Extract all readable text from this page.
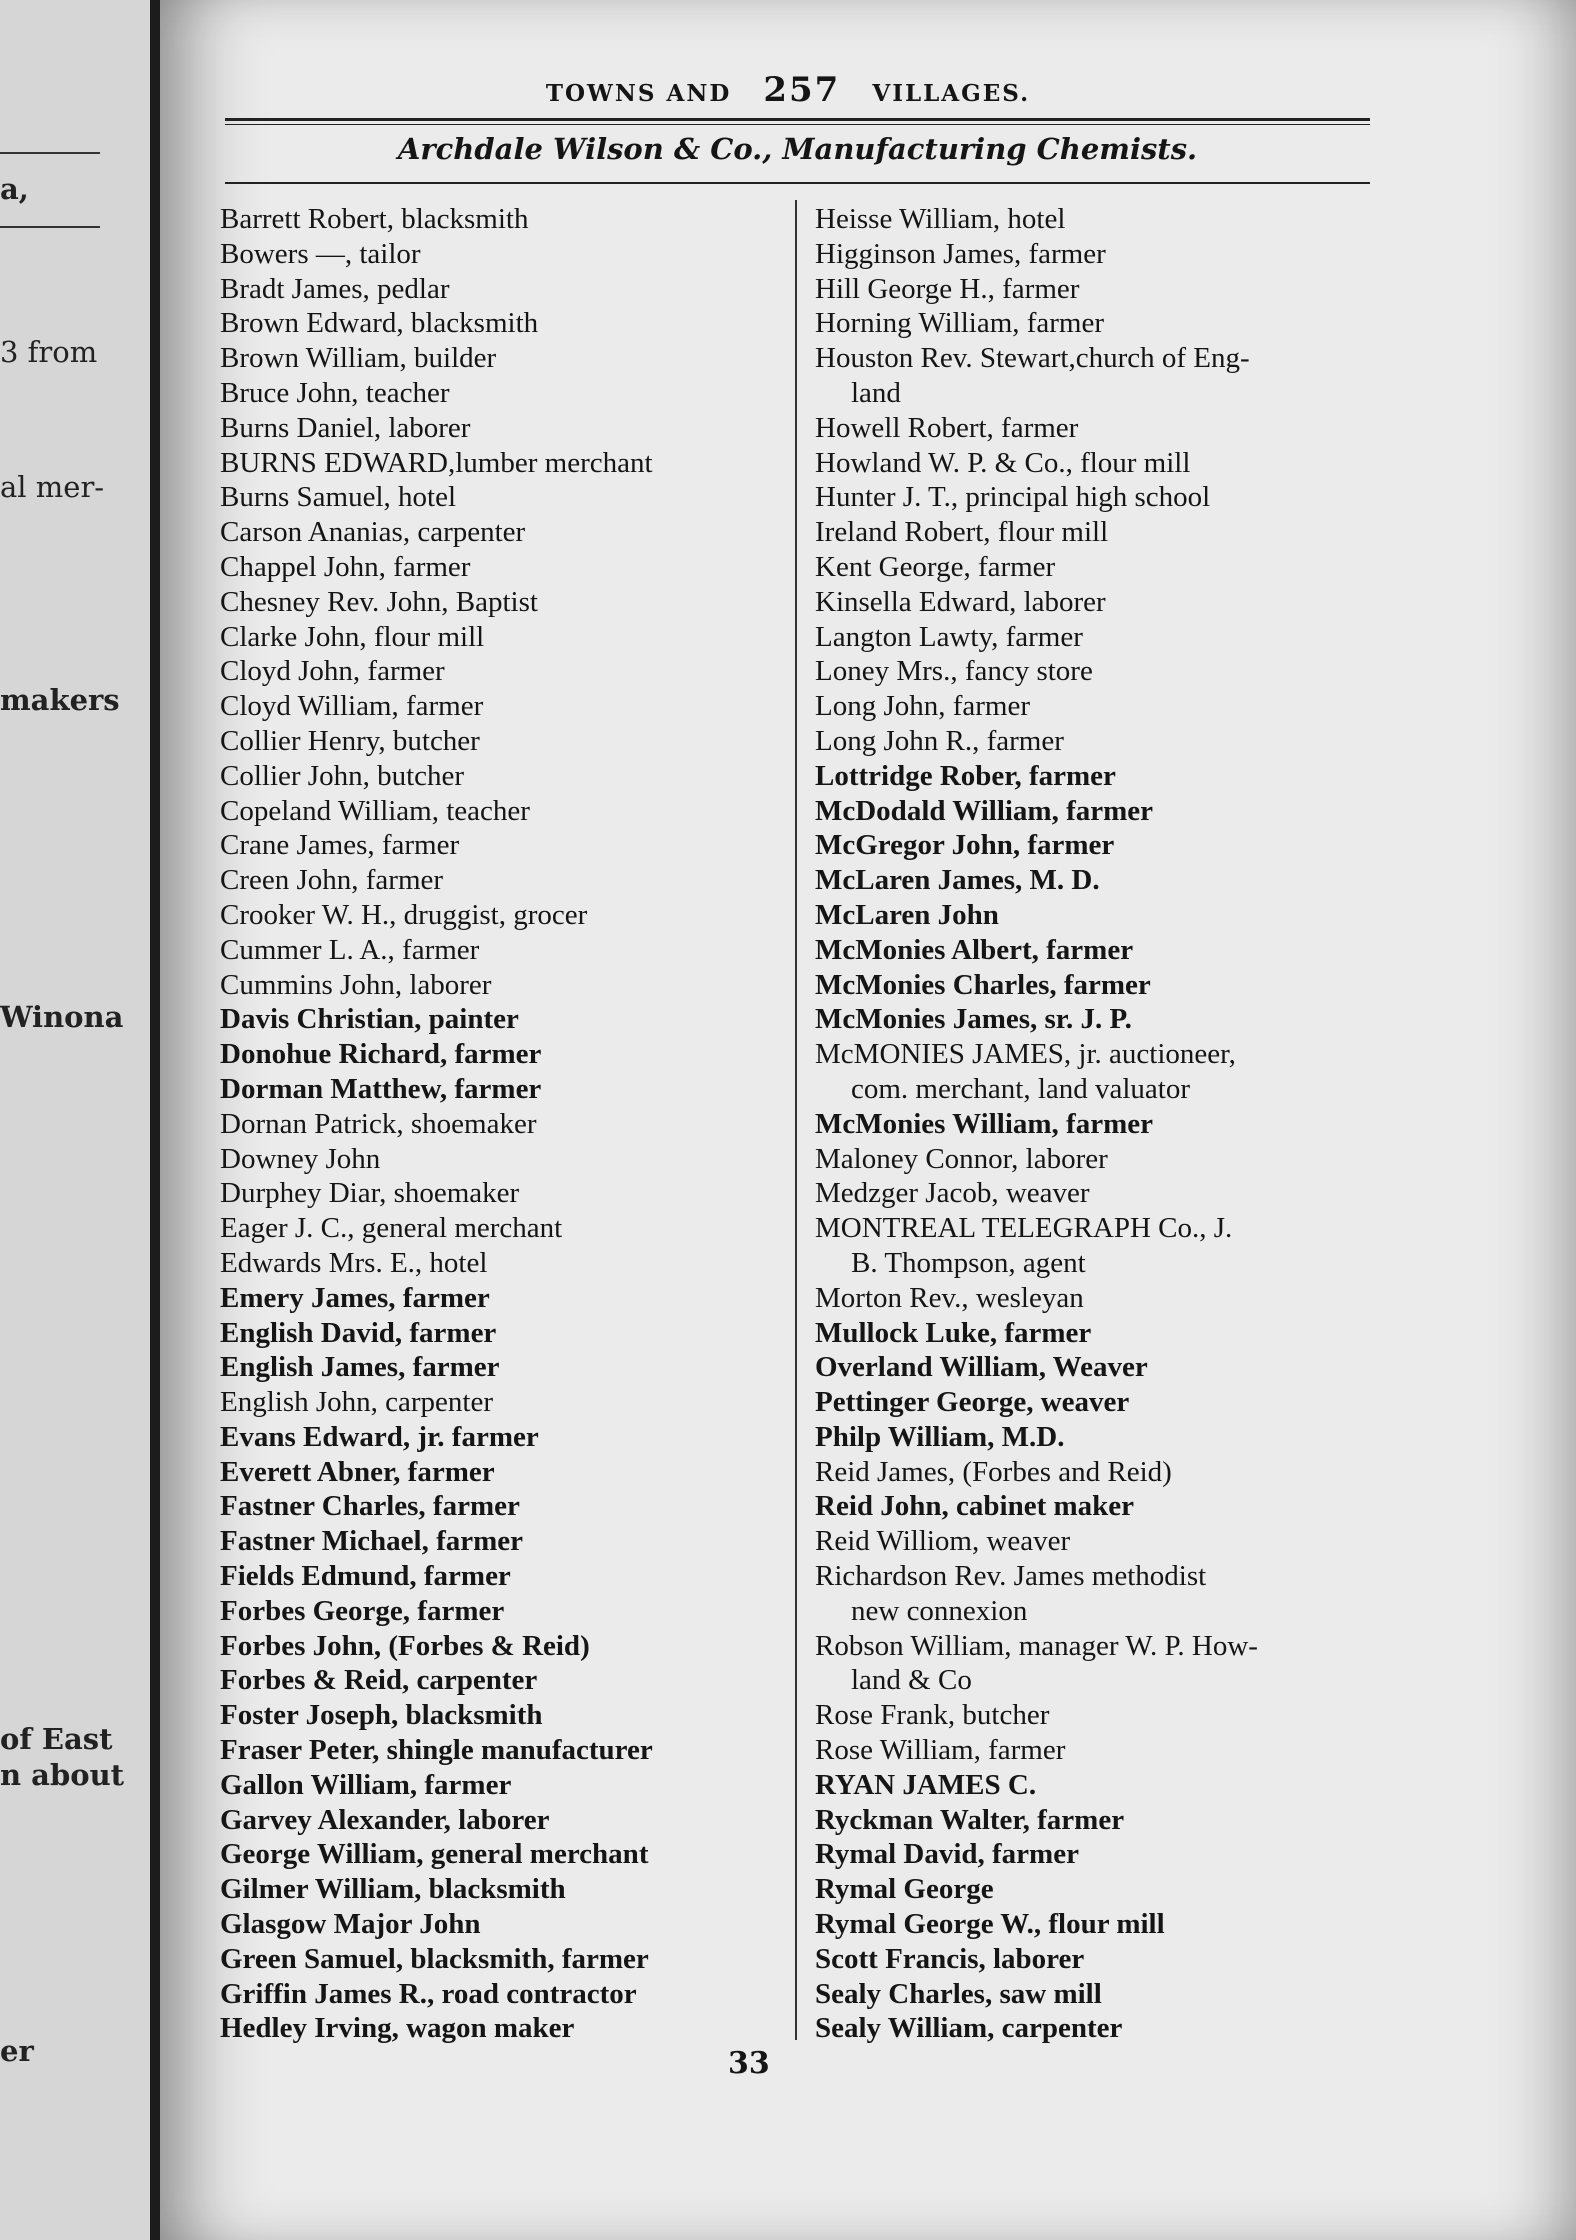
a,
3 from
al mer-
makers
Winona
of East
n about
er
TOWNS AND 257 VILLAGES.
Archdale Wilson & Co., Manufacturing Chemists.
Barrett Robert, blacksmith
Bowers —, tailor
Bradt James, pedlar
Brown Edward, blacksmith
Brown William, builder
Bruce John, teacher
Burns Daniel, laborer
BURNS EDWARD,lumber merchant
Burns Samuel, hotel
Carson Ananias, carpenter
Chappel John, farmer
Chesney Rev. John, Baptist
Clarke John, flour mill
Cloyd John, farmer
Cloyd William, farmer
Collier Henry, butcher
Collier John, butcher
Copeland William, teacher
Crane James, farmer
Creen John, farmer
Crooker W. H., druggist, grocer
Cummer L. A., farmer
Cummins John, laborer
Davis Christian, painter
Donohue Richard, farmer
Dorman Matthew, farmer
Dornan Patrick, shoemaker
Downey John
Durphey Diar, shoemaker
Eager J. C., general merchant
Edwards Mrs. E., hotel
Emery James, farmer
English David, farmer
English James, farmer
English John, carpenter
Evans Edward, jr. farmer
Everett Abner, farmer
Fastner Charles, farmer
Fastner Michael, farmer
Fields Edmund, farmer
Forbes George, farmer
Forbes John, (Forbes & Reid)
Forbes & Reid, carpenter
Foster Joseph, blacksmith
Fraser Peter, shingle manufacturer
Gallon William, farmer
Garvey Alexander, laborer
George William, general merchant
Gilmer William, blacksmith
Glasgow Major John
Green Samuel, blacksmith, farmer
Griffin James R., road contractor
Hedley Irving, wagon maker
Heisse William, hotel
Higginson James, farmer
Hill George H., farmer
Horning William, farmer
Houston Rev. Stewart,church of Eng-
land
Howell Robert, farmer
Howland W. P. & Co., flour mill
Hunter J. T., principal high school
Ireland Robert, flour mill
Kent George, farmer
Kinsella Edward, laborer
Langton Lawty, farmer
Loney Mrs., fancy store
Long John, farmer
Long John R., farmer
Lottridge Rober, farmer
McDodald William, farmer
McGregor John, farmer
McLaren James, M. D.
McLaren John
McMonies Albert, farmer
McMonies Charles, farmer
McMonies James, sr. J. P.
McMONIES JAMES, jr. auctioneer,
com. merchant, land valuator
McMonies William, farmer
Maloney Connor, laborer
Medzger Jacob, weaver
MONTREAL TELEGRAPH Co., J.
B. Thompson, agent
Morton Rev., wesleyan
Mullock Luke, farmer
Overland William, Weaver
Pettinger George, weaver
Philp William, M.D.
Reid James, (Forbes and Reid)
Reid John, cabinet maker
Reid Williom, weaver
Richardson Rev. James methodist
new connexion
Robson William, manager W. P. How-
land & Co
Rose Frank, butcher
Rose William, farmer
RYAN JAMES C.
Ryckman Walter, farmer
Rymal David, farmer
Rymal George
Rymal George W., flour mill
Scott Francis, laborer
Sealy Charles, saw mill
Sealy William, carpenter
33
